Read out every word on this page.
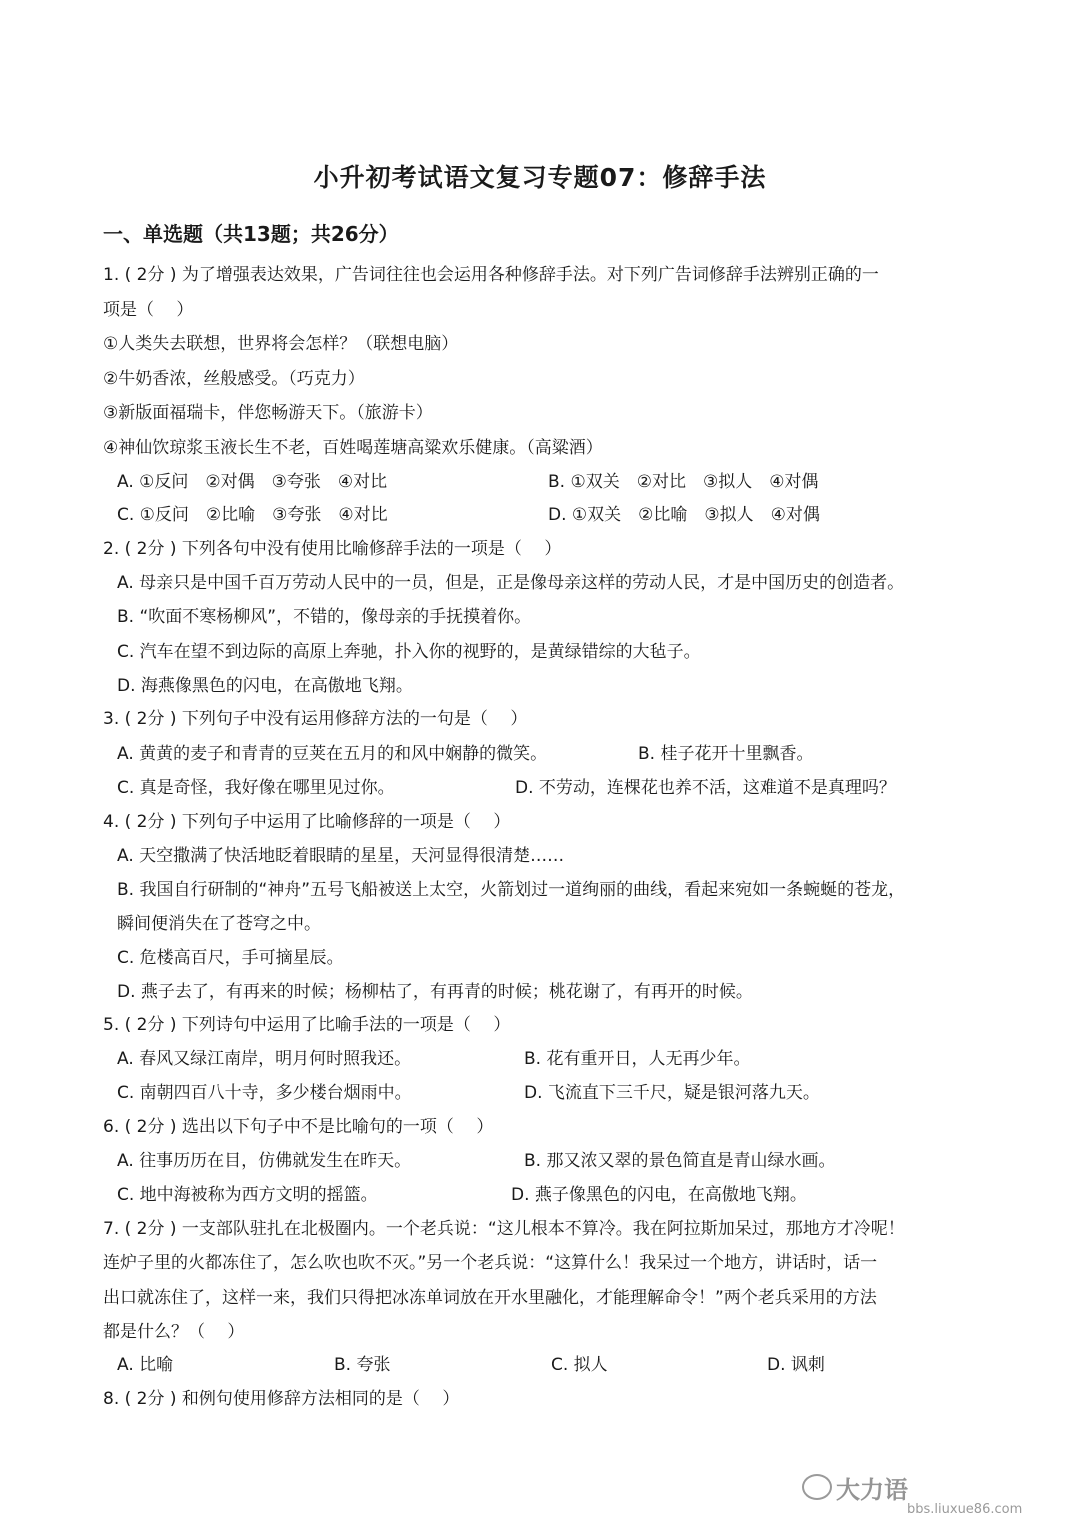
小升初考试语文复习专题07：修辞手法
一、单选题（共13题；共26分）
1. ( 2分 ) 为了增强表达效果，广告词往往也会运用各种修辞手法。对下列广告词修辞手法辨别正确的一
项是（　 ）
①人类失去联想，世界将会怎样？（联想电脑）
②牛奶香浓，丝般感受。（巧克力）
③新版面福瑞卡，伴您畅游天下。（旅游卡）
④神仙饮琼浆玉液长生不老，百姓喝莲塘高粱欢乐健康。（高粱酒）
A. ①反问　②对偶　③夸张　④对比	B. ①双关　②对比　③拟人　④对偶
C. ①反问　②比喻　③夸张　④对比	D. ①双关　②比喻　③拟人　④对偶
2. ( 2分 ) 下列各句中没有使用比喻修辞手法的一项是（　 ）
A. 母亲只是中国千百万劳动人民中的一员，但是，正是像母亲这样的劳动人民，才是中国历史的创造者。
B. “吹面不寒杨柳风”，不错的，像母亲的手抚摸着你。
C. 汽车在望不到边际的高原上奔驰，扑入你的视野的，是黄绿错综的大毡子。
D. 海燕像黑色的闪电，在高傲地飞翔。
3. ( 2分 ) 下列句子中没有运用修辞方法的一句是（　 ）
A. 黄黄的麦子和青青的豆荚在五月的和风中娴静的微笑。	B. 桂子花开十里飘香。
C. 真是奇怪，我好像在哪里见过你。	D. 不劳动，连棵花也养不活，这难道不是真理吗？
4. ( 2分 ) 下列句子中运用了比喻修辞的一项是（　 ）
A. 天空撒满了快活地眨着眼睛的星星，天河显得很清楚……
B. 我国自行研制的“神舟”五号飞船被送上太空，火箭划过一道绚丽的曲线，看起来宛如一条蜿蜒的苍龙，
瞬间便消失在了苍穹之中。
C. 危楼高百尺，手可摘星辰。
D. 燕子去了，有再来的时候；杨柳枯了，有再青的时候；桃花谢了，有再开的时候。
5. ( 2分 ) 下列诗句中运用了比喻手法的一项是（　 ）
A. 春风又绿江南岸，明月何时照我还。	B. 花有重开日，人无再少年。
C. 南朝四百八十寺，多少楼台烟雨中。	D. 飞流直下三千尺，疑是银河落九天。
6. ( 2分 ) 选出以下句子中不是比喻句的一项（　 ）
A. 往事历历在目，仿佛就发生在昨天。	B. 那又浓又翠的景色简直是青山绿水画。
C. 地中海被称为西方文明的摇篮。	D. 燕子像黑色的闪电，在高傲地飞翔。
7. ( 2分 ) 一支部队驻扎在北极圈内。一个老兵说：“这儿根本不算冷。我在阿拉斯加呆过，那地方才冷呢！
连炉子里的火都冻住了，怎么吹也吹不灭。”另一个老兵说：“这算什么！我呆过一个地方，讲话时，话一
出口就冻住了，这样一来，我们只得把冰冻单词放在开水里融化，才能理解命令！”两个老兵采用的方法
都是什么？（　 ）
A. 比喻	B. 夸张	C. 拟人	D. 讽刺
8. ( 2分 ) 和例句使用修辞方法相同的是（　 ）
大力语
bbs.liuxue86.com
